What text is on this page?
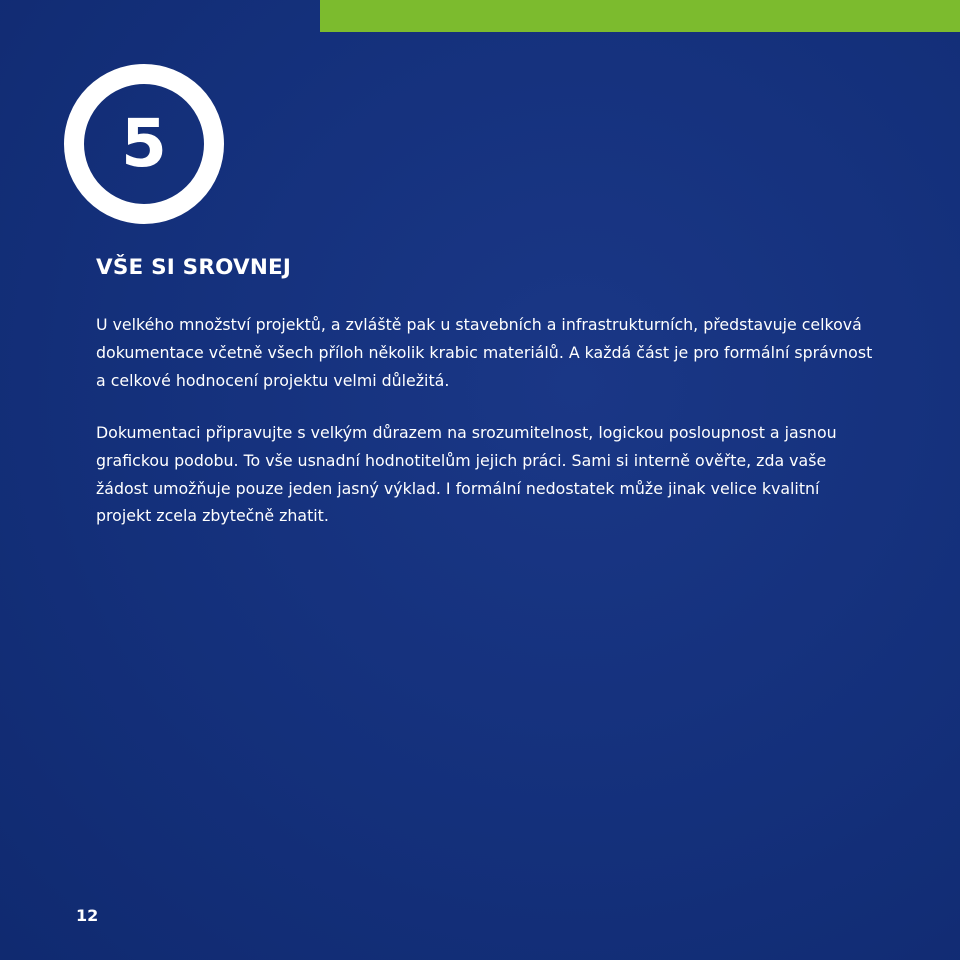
5
VŠE SI SROVNEJ

U velkého množství projektů, a zvláště pak u stavebních a infrastrukturních, představuje celková dokumentace včetně všech příloh několik krabic materiálů. A každá část je pro formální správnost a celkové hodnocení projektu velmi důležitá.

Dokumentaci připravujte s velkým důrazem na srozumitelnost, logickou posloupnost a jasnou grafickou podobu. To vše usnadní hodnotitelům jejich práci. Sami si interně ověřte, zda vaše žádost umožňuje pouze jeden jasný výklad. I formální nedostatek může jinak velice kvalitní projekt zcela zbytečně zhatit.

12
